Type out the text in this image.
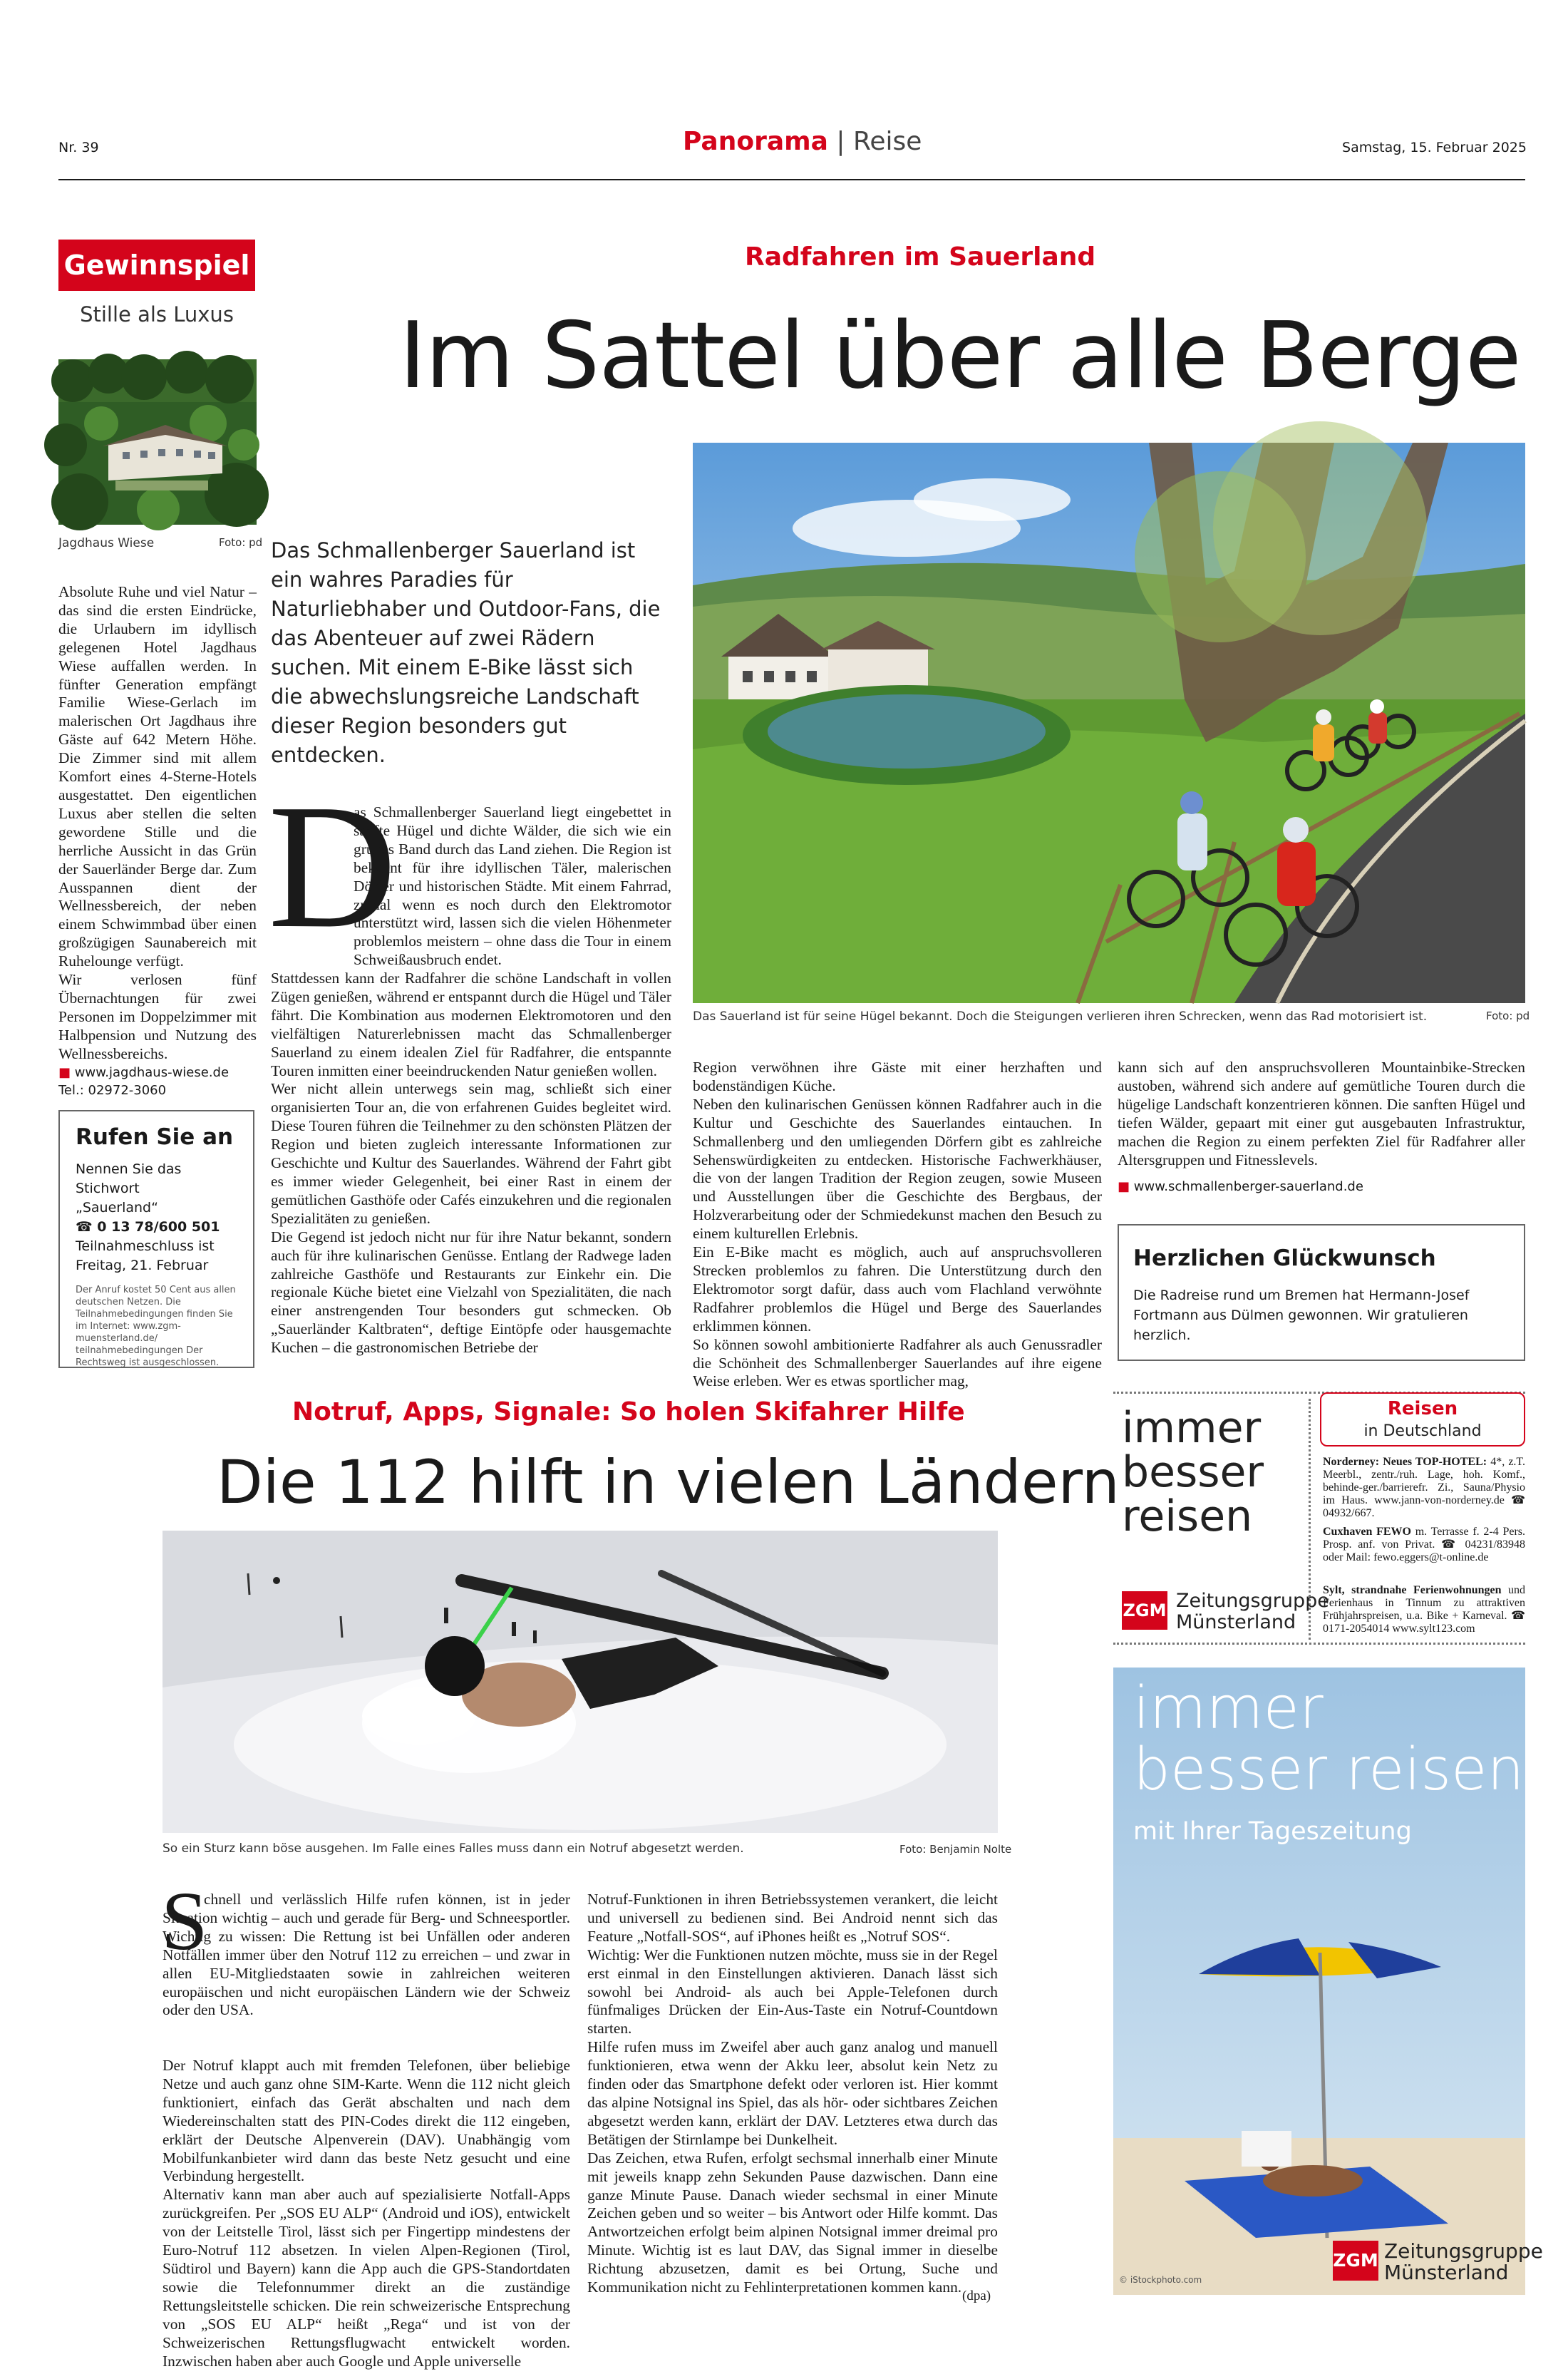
Nr. 39	Panorama | Reise	Samstag, 15. Februar 2025
Gewinnspiel
Stille als Luxus
Jagdhaus Wiese	Foto: pd

Absolute Ruhe und viel Natur – das sind die ersten Eindrücke, die Urlaubern im idyllisch gelegenen Hotel Jagdhaus Wiese auffallen werden. In fünfter Generation empfängt Familie Wiese-Gerlach im malerischen Ort Jagdhaus ihre Gäste auf 642 Metern Höhe. Die Zimmer sind mit allem Komfort eines 4-Sterne-Hotels ausgestattet. Den eigentlichen Luxus aber stellen die selten gewordene Stille und die herrliche Aussicht in das Grün der Sauerländer Berge dar. Zum Ausspannen dient der Wellnessbereich, der neben einem Schwimmbad über einen großzügigen Saunabereich mit Ruhelounge verfügt.

Wir verlosen fünf Übernachtungen für zwei Personen im Doppelzimmer mit Halbpension und Nutzung des Wellnessbereichs.

■ www.jagdhaus-wiese.de

Tel.: 02972-3060

Rufen Sie an
Nennen Sie das Stichwort
„Sauerland“
☎ 0 13 78/600 501
Teilnahmeschluss ist
Freitag, 21. Februar
Der Anruf kostet 50 Cent aus allen deutschen Netzen. Die Teilnahmebedingungen finden Sie im Internet: www.zgm-muensterland.de/ teilnahmebedingungen Der Rechtsweg ist ausgeschlossen.
Radfahren im Sauerland
Im Sattel über alle Berge
Das Schmallenberger Sauerland ist ein wahres Paradies für Naturliebhaber und Outdoor-Fans, die das Abenteuer auf zwei Rädern suchen. Mit einem E-Bike lässt sich die abwechslungsreiche Landschaft dieser Region besonders gut entdecken.
Das Sauerland ist für seine Hügel bekannt. Doch die Steigungen verlieren ihren Schrecken, wenn das Rad motorisiert ist.	Foto: pd
D

as Schmallenberger Sauerland liegt eingebettet in sanfte Hügel und dichte Wälder, die sich wie ein grünes Band durch das Land ziehen. Die Region ist bekannt für ihre idyllischen Täler, malerischen Dörfer und historischen Städte. Mit einem Fahrrad, zumal wenn es noch durch den Elektromotor unterstützt wird, lassen sich die vielen Höhenmeter problemlos meistern – ohne dass die Tour in einem Schweißausbruch endet.

Stattdessen kann der Radfahrer die schöne Landschaft in vollen Zügen genießen, während er entspannt durch die Hügel und Täler fährt. Die Kombination aus modernen Elektromotoren und den vielfältigen Naturerlebnissen macht das Schmallenberger Sauerland zu einem idealen Ziel für Radfahrer, die entspannte Touren inmitten einer beeindruckenden Natur genießen wollen.

Wer nicht allein unterwegs sein mag, schließt sich einer organisierten Tour an, die von erfahrenen Guides begleitet wird. Diese Touren führen die Teilnehmer zu den schönsten Plätzen der Region und bieten zugleich interessante Informationen zur Geschichte und Kultur des Sauerlandes. Während der Fahrt gibt es immer wieder Gelegenheit, bei einer Rast in einem der gemütlichen Gasthöfe oder Cafés einzukehren und die regionalen Spezialitäten zu genießen.

Die Gegend ist jedoch nicht nur für ihre Natur bekannt, sondern auch für ihre kulinarischen Genüsse. Entlang der Radwege laden zahlreiche Gasthöfe und Restaurants zur Einkehr ein. Die regionale Küche bietet eine Vielzahl von Spezialitäten, die nach einer anstrengenden Tour besonders gut schmecken. Ob „Sauerländer Kaltbraten“, deftige Eintöpfe oder hausgemachte Kuchen – die gastronomischen Betriebe der

Region verwöhnen ihre Gäste mit einer herzhaften und bodenständigen Küche.

Neben den kulinarischen Genüssen können Radfahrer auch in die Kultur und Geschichte des Sauerlandes eintauchen. In Schmallenberg und den umliegenden Dörfern gibt es zahlreiche Sehenswürdigkeiten zu entdecken. Historische Fachwerkhäuser, die von der langen Tradition der Region zeugen, sowie Museen und Ausstellungen über die Geschichte des Bergbaus, der Holzverarbeitung oder der Schmiedekunst machen den Besuch zu einem kulturellen Erlebnis.

Ein E-Bike macht es möglich, auch auf anspruchsvolleren Strecken problemlos zu fahren. Die Unterstützung durch den Elektromotor sorgt dafür, dass auch vom Flachland verwöhnte Radfahrer problemlos die Hügel und Berge des Sauerlandes erklimmen können.

So können sowohl ambitionierte Radfahrer als auch Genussradler die Schönheit des Schmallenberger Sauerlandes auf ihre eigene Weise erleben. Wer es etwas sportlicher mag,

kann sich auf den anspruchsvolleren Mountainbike-Strecken austoben, während sich andere auf gemütliche Touren durch die hügelige Landschaft konzentrieren können. Die sanften Hügel und tiefen Wälder, gepaart mit einer gut ausgebauten Infrastruktur, machen die Region zu einem perfekten Ziel für Radfahrer aller Altersgruppen und Fitnesslevels.

■ www.schmallenberger-sauerland.de

Herzlichen Glückwunsch

Die Radreise rund um Bremen hat Hermann-Josef Fortmann aus Dülmen gewonnen. Wir gratulieren herzlich.

Notruf, Apps, Signale: So holen Skifahrer Hilfe
Die 112 hilft in vielen Ländern
So ein Sturz kann böse ausgehen. Im Falle eines Falles muss dann ein Notruf abgesetzt werden.	Foto: Benjamin Nolte
S

chnell und verlässlich Hilfe rufen können, ist in jeder Situation wichtig – auch und gerade für Berg- und Schneesportler. Wichtig zu wissen: Die Rettung ist bei Unfällen oder anderen Notfällen immer über den Notruf 112 zu erreichen – und zwar in allen EU-Mitgliedstaaten sowie in zahlreichen weiteren europäischen und nicht europäischen Ländern wie der Schweiz oder den USA.

Der Notruf klappt auch mit fremden Telefonen, über beliebige Netze und auch ganz ohne SIM-Karte. Wenn die 112 nicht gleich funktioniert, einfach das Gerät abschalten und nach dem Wiedereinschalten statt des PIN-Codes direkt die 112 eingeben, erklärt der Deutsche Alpenverein (DAV). Unabhängig vom Mobilfunkanbieter wird dann das beste Netz gesucht und eine Verbindung hergestellt.

Alternativ kann man aber auch auf spezialisierte Notfall-Apps zurückgreifen. Per „SOS EU ALP“ (Android und iOS), entwickelt von der Leitstelle Tirol, lässt sich per Fingertipp mindestens der Euro-Notruf 112 absetzen. In vielen Alpen-Regionen (Tirol, Südtirol und Bayern) kann die App auch die GPS-Standortdaten sowie die Telefonnummer direkt an die zuständige Rettungsleitstelle schicken. Die rein schweizerische Entsprechung von „SOS EU ALP“ heißt „Rega“ und ist von der Schweizerischen Rettungsflugwacht entwickelt worden. Inzwischen haben aber auch Google und Apple universelle

Notruf-Funktionen in ihren Betriebssystemen verankert, die leicht und universell zu bedienen sind. Bei Android nennt sich das Feature „Notfall-SOS“, auf iPhones heißt es „Notruf SOS“.

Wichtig: Wer die Funktionen nutzen möchte, muss sie in der Regel erst einmal in den Einstellungen aktivieren. Danach lässt sich sowohl bei Android- als auch bei Apple-Telefonen durch fünfmaliges Drücken der Ein-Aus-Taste ein Notruf-Countdown starten.

Hilfe rufen muss im Zweifel aber auch ganz analog und manuell funktionieren, etwa wenn der Akku leer, absolut kein Netz zu finden oder das Smartphone defekt oder verloren ist. Hier kommt das alpine Notsignal ins Spiel, das als hör- oder sichtbares Zeichen abgesetzt werden kann, erklärt der DAV. Letzteres etwa durch das Betätigen der Stirnlampe bei Dunkelheit.

Das Zeichen, etwa Rufen, erfolgt sechsmal innerhalb einer Minute mit jeweils knapp zehn Sekunden Pause dazwischen. Dann eine ganze Minute Pause. Danach wieder sechsmal in einer Minute Zeichen geben und so weiter – bis Antwort oder Hilfe kommt. Das Antwortzeichen erfolgt beim alpinen Notsignal immer dreimal pro Minute. Wichtig ist es laut DAV, das Signal immer in dieselbe Richtung abzusetzen, damit es bei Ortung, Suche und Kommunikation nicht zu Fehlinterpretationen kommen kann.

(dpa)
immer
besser
reisen
ZGM Zeitungsgruppe
Münsterland
Reisen
in Deutschland
Norderney: Neues TOP-HOTEL: 4*, z.T. Meerbl., zentr./ruh. Lage, hoh. Komf., behinde-ger./barrierefr. Zi., Sauna/Physio im Haus. www.jann-von-norderney.de ☎ 04932/667.
Cuxhaven FEWO m. Terrasse f. 2-4 Pers. Prosp. anf. von Privat. ☎ 04231/83948 oder Mail: fewo.eggers@t-online.de
Sylt, strandnahe Ferienwohnungen und Ferienhaus in Tinnum zu attraktiven Frühjahrspreisen, u.a. Bike + Karneval. ☎ 0171-2054014 www.sylt123.com
immer
besser reisen
mit Ihrer Tageszeitung
© iStockphoto.com
ZGM Zeitungsgruppe
Münsterland
